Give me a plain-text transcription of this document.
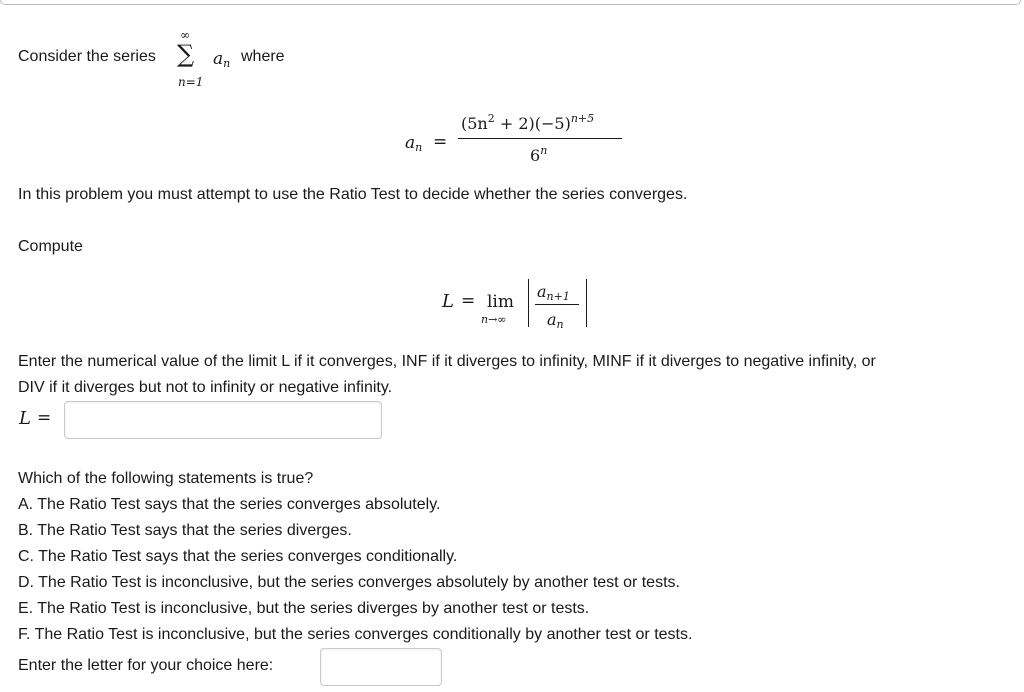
Consider the series
∞
∑
n=1
an where
an =
$(5n^2 + 2)(-5)^{n+5}$
6$^n$
In this problem you must attempt to use the Ratio Test to decide whether the series converges.
Compute
L = lim
n→∞
an+1
an
Enter the numerical value of the limit L if it converges, INF if it diverges to infinity, MINF if it diverges to negative infinity, or
DIV if it diverges but not to infinity or negative infinity.
L =
Which of the following statements is true?
A. The Ratio Test says that the series converges absolutely.
B. The Ratio Test says that the series diverges.
C. The Ratio Test says that the series converges conditionally.
D. The Ratio Test is inconclusive, but the series converges absolutely by another test or tests.
E. The Ratio Test is inconclusive, but the series diverges by another test or tests.
F. The Ratio Test is inconclusive, but the series converges conditionally by another test or tests.
Enter the letter for your choice here:
